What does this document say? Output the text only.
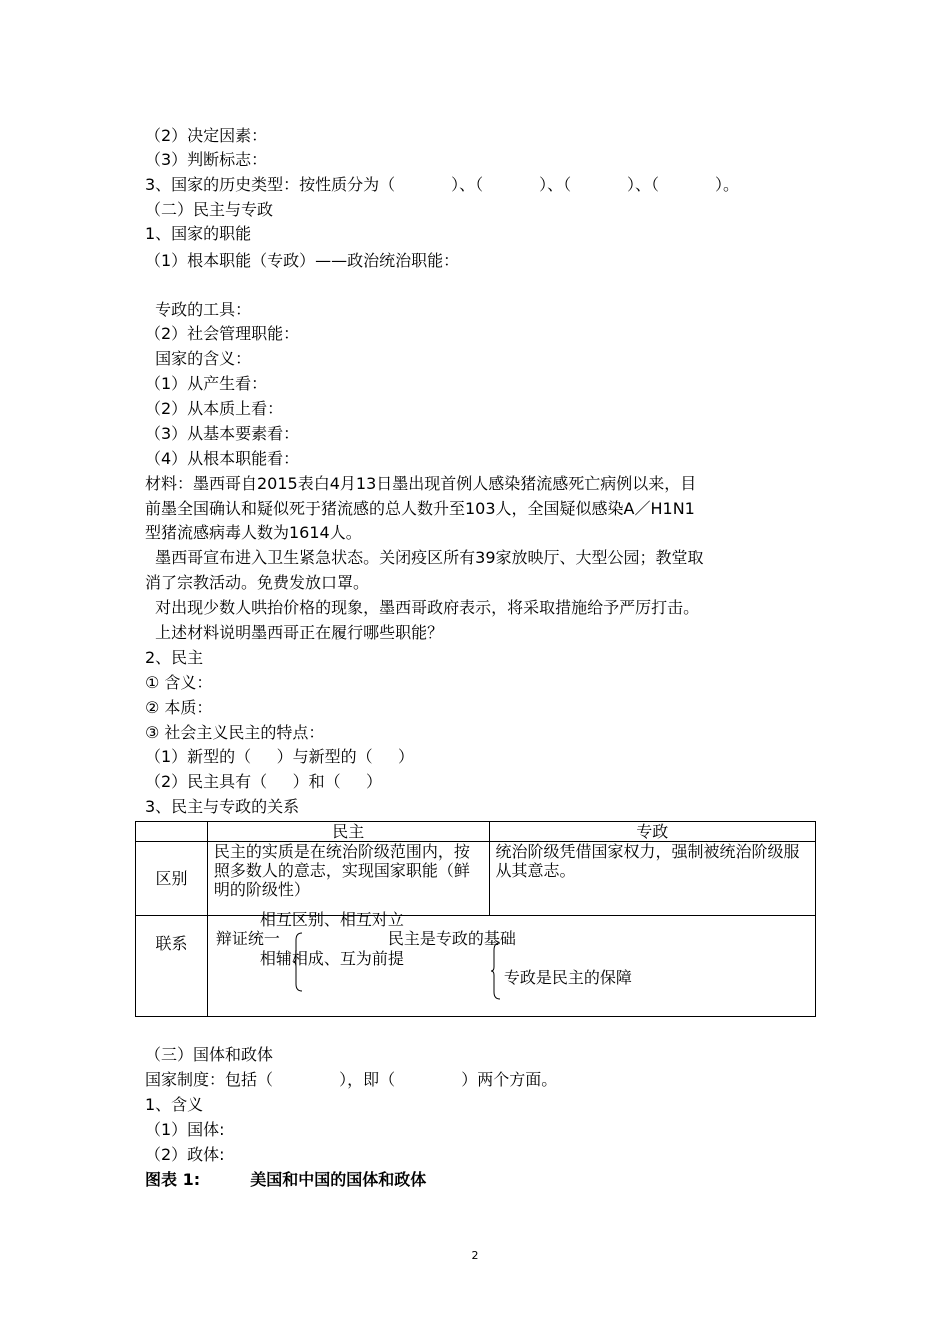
（2）决定因素：
（3）判断标志：
3、国家的历史类型：按性质分为（           ）、（           ）、（           ）、（           ）。
（二）民主与专政
1、国家的职能
（1）根本职能（专政）——政治统治职能：
专政的工具：
（2）社会管理职能：
国家的含义：
（1）从产生看：
（2）从本质上看：
（3）从基本要素看：
（4）从根本职能看：
材料：墨西哥自2015表白4月13日墨出现首例人感染猪流感死亡病例以来，目
前墨全国确认和疑似死于猪流感的总人数升至103人，全国疑似感染A／H1N1
型猪流感病毒人数为1614人。
墨西哥宣布进入卫生紧急状态。关闭疫区所有39家放映厅、大型公园；教堂取
消了宗教活动。免费发放口罩。
对出现少数人哄抬价格的现象，墨西哥政府表示，将采取措施给予严厉打击。
上述材料说明墨西哥正在履行哪些职能？
2、民主
① 含义：
② 本质：
③ 社会主义民主的特点：
（1）新型的（     ）与新型的（     ）
（2）民主具有（     ）和（     ）
3、民主与专政的关系
	民主	专政
区别	民主的实质是在统治阶级范围内，按照多数人的意志，实现国家职能（鲜明的阶级性）	统治阶级凭借国家权力，强制被统治阶级服从其意志。
联系	相互区别、相互对立
辩证统一 民主是专政的基础
相辅相成、互为前提
专政是民主的保障	
（三）国体和政体
国家制度：包括（             ），即（             ）两个方面。
1、含义
（1）国体:
（2）政体:
图表 1:         美国和中国的国体和政体
2
